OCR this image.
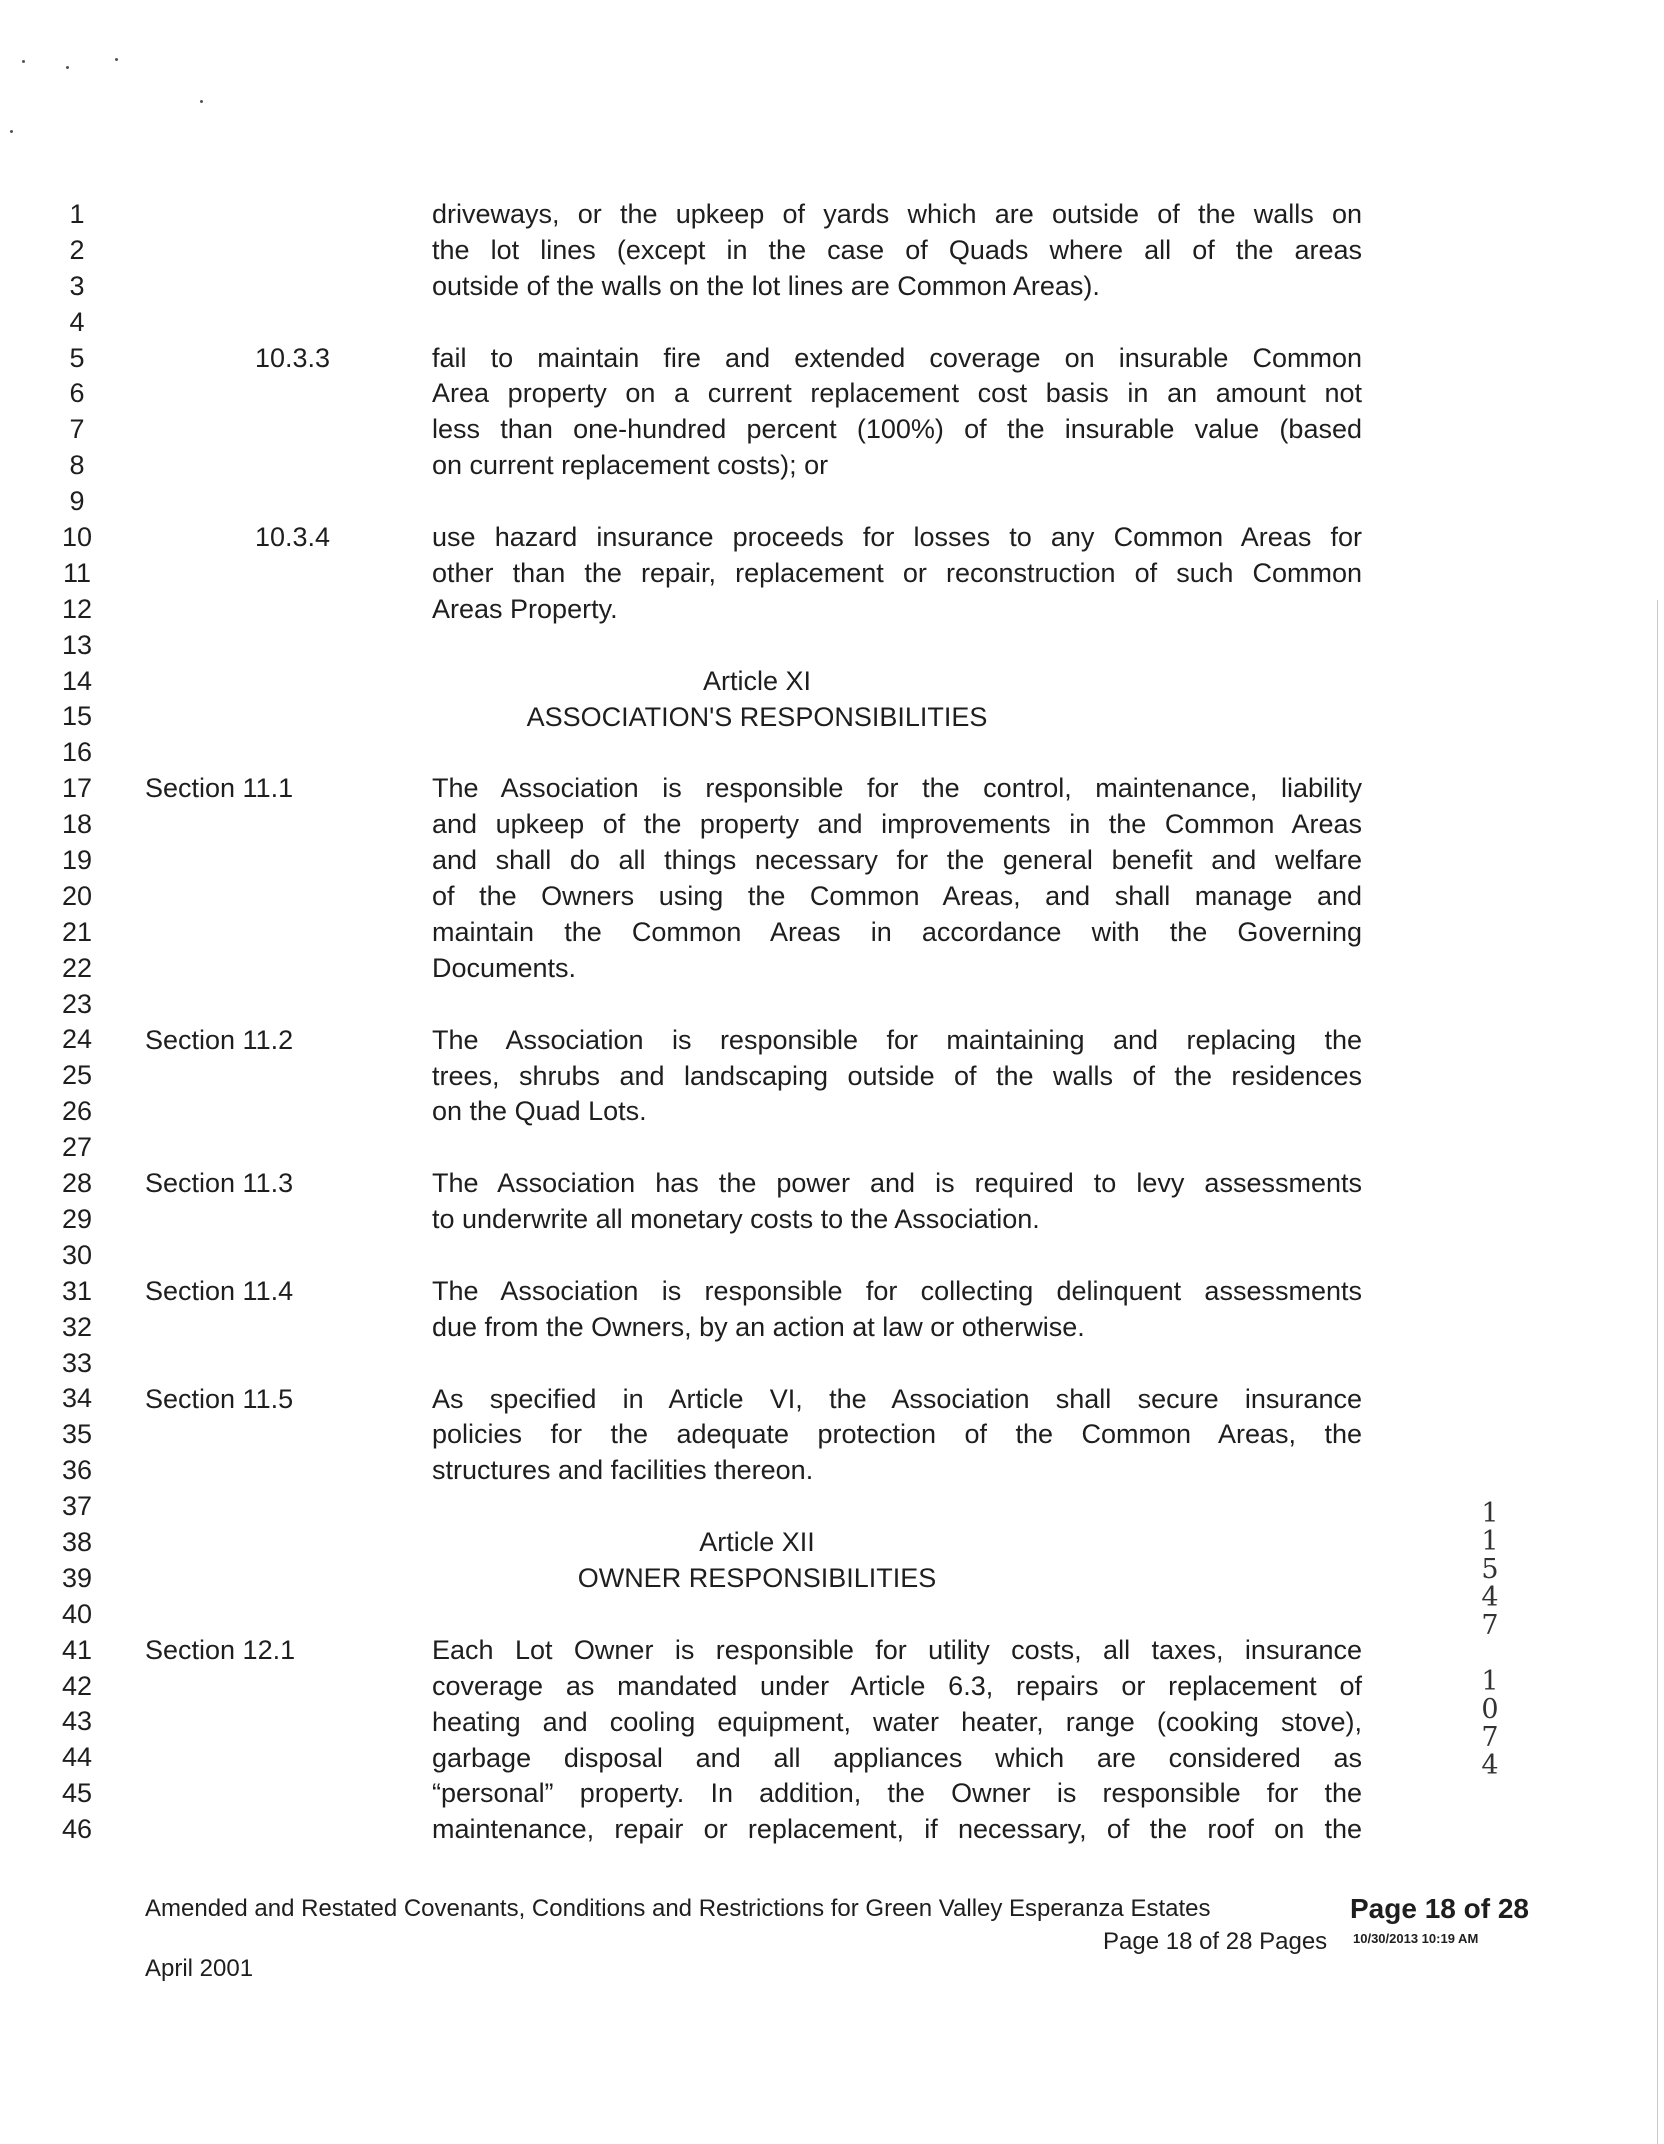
1
2
3
4
5
6
7
8
9
10
11
12
13
14
15
16
17
18
19
20
21
22
23
24
25
26
27
28
29
30
31
32
33
34
35
36
37
38
39
40
41
42
43
44
45
46

driveways, or the upkeep of yards which are outside of the walls on

the lot lines (except in the case of Quads where all of the areas

outside of the walls on the lot lines are Common Areas).

10.3.3	fail to maintain fire and extended coverage on insurable Common

Area property on a current replacement cost basis in an amount not

less than one-hundred percent (100%) of the insurable value (based

on current replacement costs); or

10.3.4	use hazard insurance proceeds for losses to any Common Areas for

other than the repair, replacement or reconstruction of such Common

Areas Property.

Article XI
ASSOCIATION'S RESPONSIBILITIES
Section 11.1	The Association is responsible for the control, maintenance, liability

and upkeep of the property and improvements in the Common Areas

and shall do all things necessary for the general benefit and welfare

of the Owners using the Common Areas, and shall manage and

maintain the Common Areas in accordance with the Governing

Documents.

Section 11.2	The Association is responsible for maintaining and replacing the

trees, shrubs and landscaping outside of the walls of the residences

on the Quad Lots.

Section 11.3	The Association has the power and is required to levy assessments

to underwrite all monetary costs to the Association.

Section 11.4	The Association is responsible for collecting delinquent assessments

due from the Owners, by an action at law or otherwise.

Section 11.5	As specified in Article VI, the Association shall secure insurance

policies for the adequate protection of the Common Areas, the

structures and facilities thereon.

Article XII
OWNER RESPONSIBILITIES
Section 12.1	Each Lot Owner is responsible for utility costs, all taxes, insurance

coverage as mandated under Article 6.3, repairs or replacement of

heating and cooling equipment, water heater, range (cooking stove),

garbage disposal and all appliances which are considered as

“personal” property. In addition, the Owner is responsible for the

maintenance, repair or replacement, if necessary, of the roof on the

1
1
5
4
7
1
0
7
4
Amended and Restated Covenants, Conditions and Restrictions for Green Valley Esperanza Estates	Page 18 of 28
April 2001
Page 18 of 28 Pages 10/30/2013 10:19 AM
